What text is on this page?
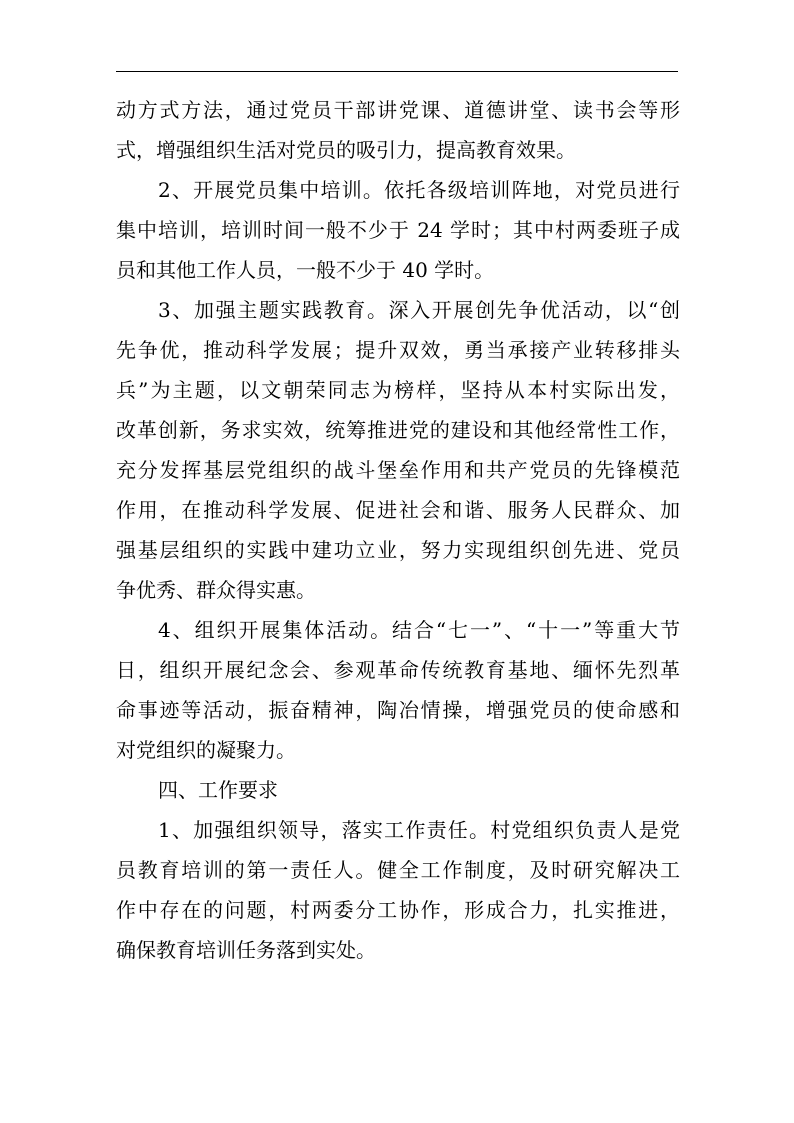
动方式方法，通过党员干部讲党课、道德讲堂、读书会等形
式，增强组织生活对党员的吸引力，提高教育效果。
2、开展党员集中培训。依托各级培训阵地，对党员进行
集中培训，培训时间一般不少于 24 学时；其中村两委班子成
员和其他工作人员，一般不少于 40 学时。
3、加强主题实践教育。深入开展创先争优活动，以“创
先争优，推动科学发展；提升双效，勇当承接产业转移排头
兵”为主题，以文朝荣同志为榜样，坚持从本村实际出发，
改革创新，务求实效，统筹推进党的建设和其他经常性工作，
充分发挥基层党组织的战斗堡垒作用和共产党员的先锋模范
作用，在推动科学发展、促进社会和谐、服务人民群众、加
强基层组织的实践中建功立业，努力实现组织创先进、党员
争优秀、群众得实惠。
4、组织开展集体活动。结合“七一”、“十一”等重大节
日，组织开展纪念会、参观革命传统教育基地、缅怀先烈革
命事迹等活动，振奋精神，陶冶情操，增强党员的使命感和
对党组织的凝聚力。
四、工作要求
1、加强组织领导，落实工作责任。村党组织负责人是党
员教育培训的第一责任人。健全工作制度，及时研究解决工
作中存在的问题，村两委分工协作，形成合力，扎实推进，
确保教育培训任务落到实处。
